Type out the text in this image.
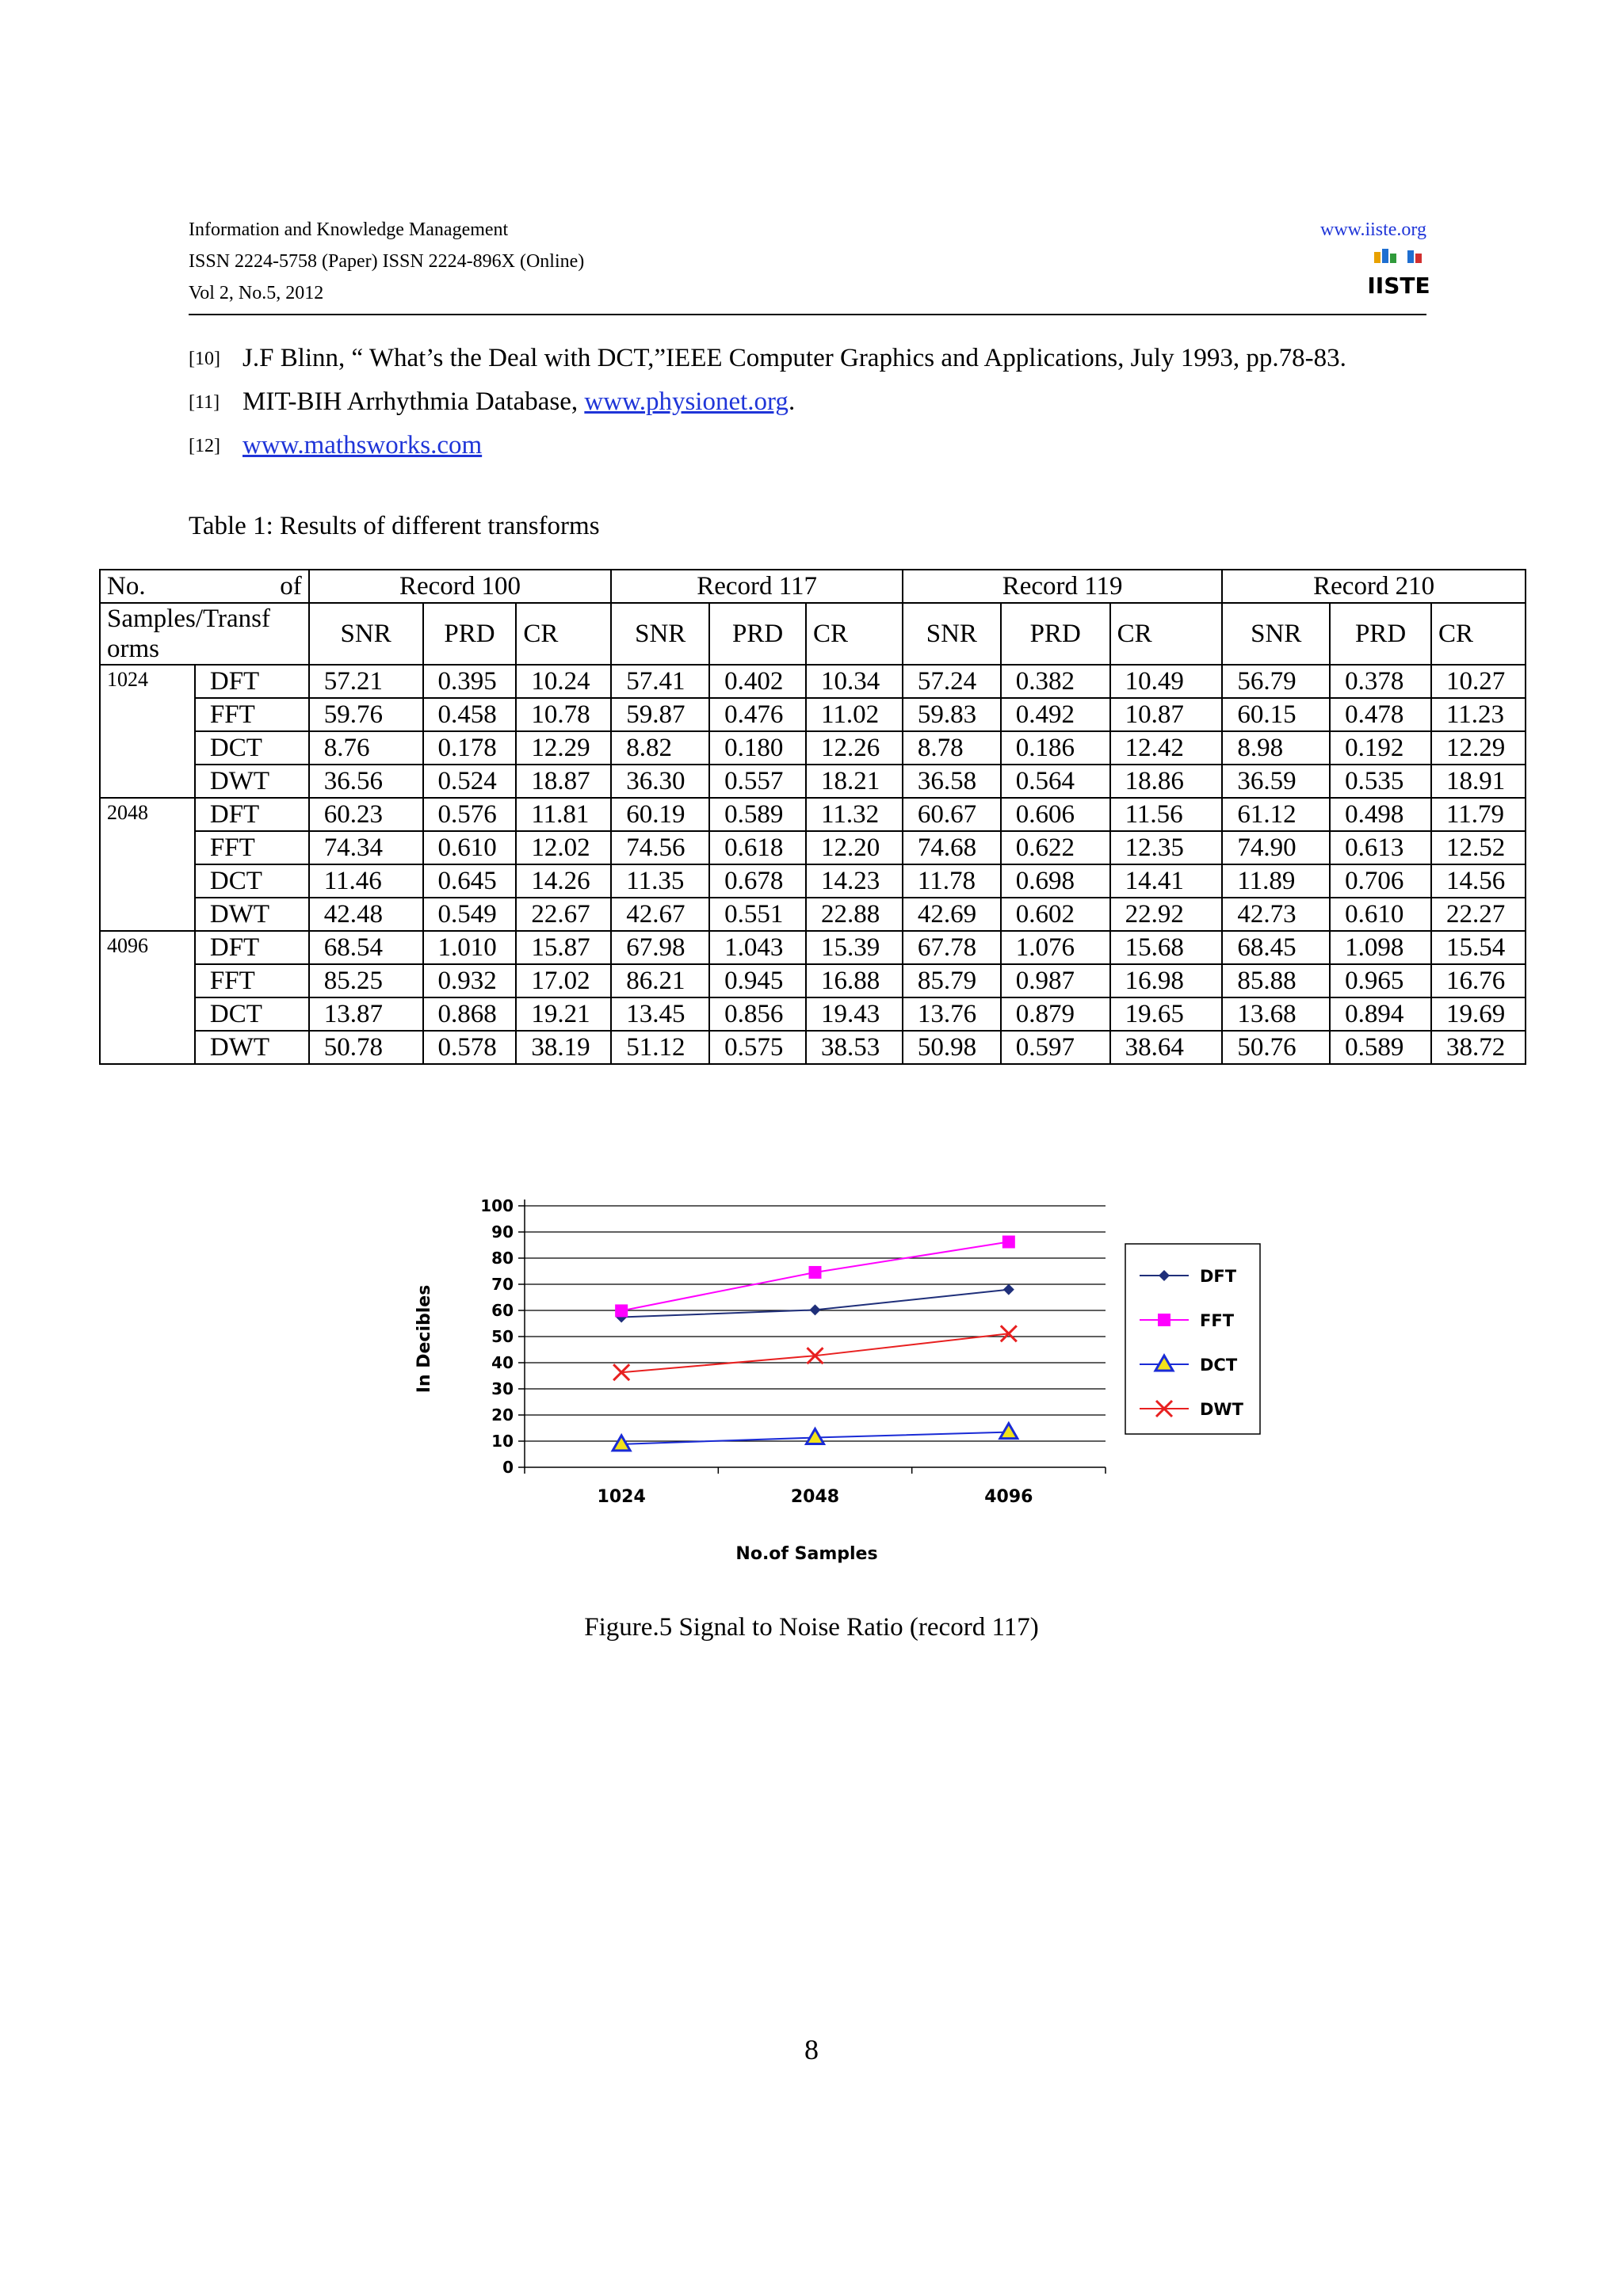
Information and Knowledge Management
ISSN 2224-5758 (Paper) ISSN 2224-896X (Online)
Vol 2, No.5, 2012
www.iiste.org
IISTE
[10] J.F Blinn, “ What’s the Deal with DCT,”IEEE Computer Graphics and Applications, July 1993, pp.78-83.
[11] MIT-BIH Arrhythmia Database, www.physionet.org.
[12] www.mathsworks.com
Table 1: Results of different transforms
No. of		Record 100			Record 117			Record 119			Record 210		

Samples/Transf
orms		SNR	PRD	CR	SNR	PRD	CR	SNR	PRD	CR	SNR	PRD	CR
1024	DFT	57.21	0.395	10.24	57.41	0.402	10.34	57.24	0.382	10.49	56.79	0.378	10.27
	FFT	59.76	0.458	10.78	59.87	0.476	11.02	59.83	0.492	10.87	60.15	0.478	11.23
	DCT	8.76	0.178	12.29	8.82	0.180	12.26	8.78	0.186	12.42	8.98	0.192	12.29
	DWT	36.56	0.524	18.87	36.30	0.557	18.21	36.58	0.564	18.86	36.59	0.535	18.91
2048	DFT	60.23	0.576	11.81	60.19	0.589	11.32	60.67	0.606	11.56	61.12	0.498	11.79
	FFT	74.34	0.610	12.02	74.56	0.618	12.20	74.68	0.622	12.35	74.90	0.613	12.52
	DCT	11.46	0.645	14.26	11.35	0.678	14.23	11.78	0.698	14.41	11.89	0.706	14.56
	DWT	42.48	0.549	22.67	42.67	0.551	22.88	42.69	0.602	22.92	42.73	0.610	22.27
4096	DFT	68.54	1.010	15.87	67.98	1.043	15.39	67.78	1.076	15.68	68.45	1.098	15.54
	FFT	85.25	0.932	17.02	86.21	0.945	16.88	85.79	0.987	16.98	85.88	0.965	16.76
	DCT	13.87	0.868	19.21	13.45	0.856	19.43	13.76	0.879	19.65	13.68	0.894	19.69
	DWT	50.78	0.578	38.19	51.12	0.575	38.53	50.98	0.597	38.64	50.76	0.589	38.72
In Decibles
No.of Samples
0
10
20
30
40
50
60
70
80
90
100
1024	2048	4096
DFT
FFT
DCT
DWT
Figure.5 Signal to Noise Ratio (record 117)
8
